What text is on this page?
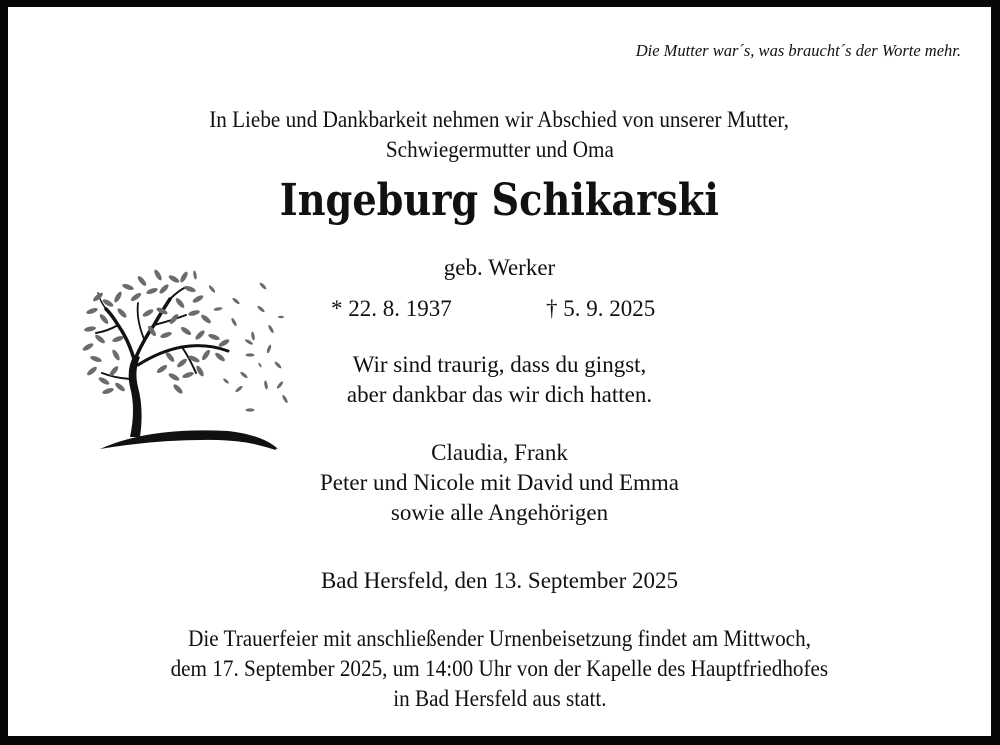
Die Mutter war´s, was braucht´s der Worte mehr.
In Liebe und Dankbarkeit nehmen wir Abschied von unserer Mutter,
Schwiegermutter und Oma
Ingeburg Schikarski
geb. Werker
* 22. 8. 1937	† 5. 9. 2025
Wir sind traurig, dass du gingst,
aber dankbar das wir dich hatten.
Claudia, Frank
Peter und Nicole mit David und Emma
sowie alle Angehörigen
Bad Hersfeld, den 13. September 2025
Die Trauerfeier mit anschließender Urnenbeisetzung findet am Mittwoch,
dem 17. September 2025, um 14:00 Uhr von der Kapelle des Hauptfriedhofes
in Bad Hersfeld aus statt.
